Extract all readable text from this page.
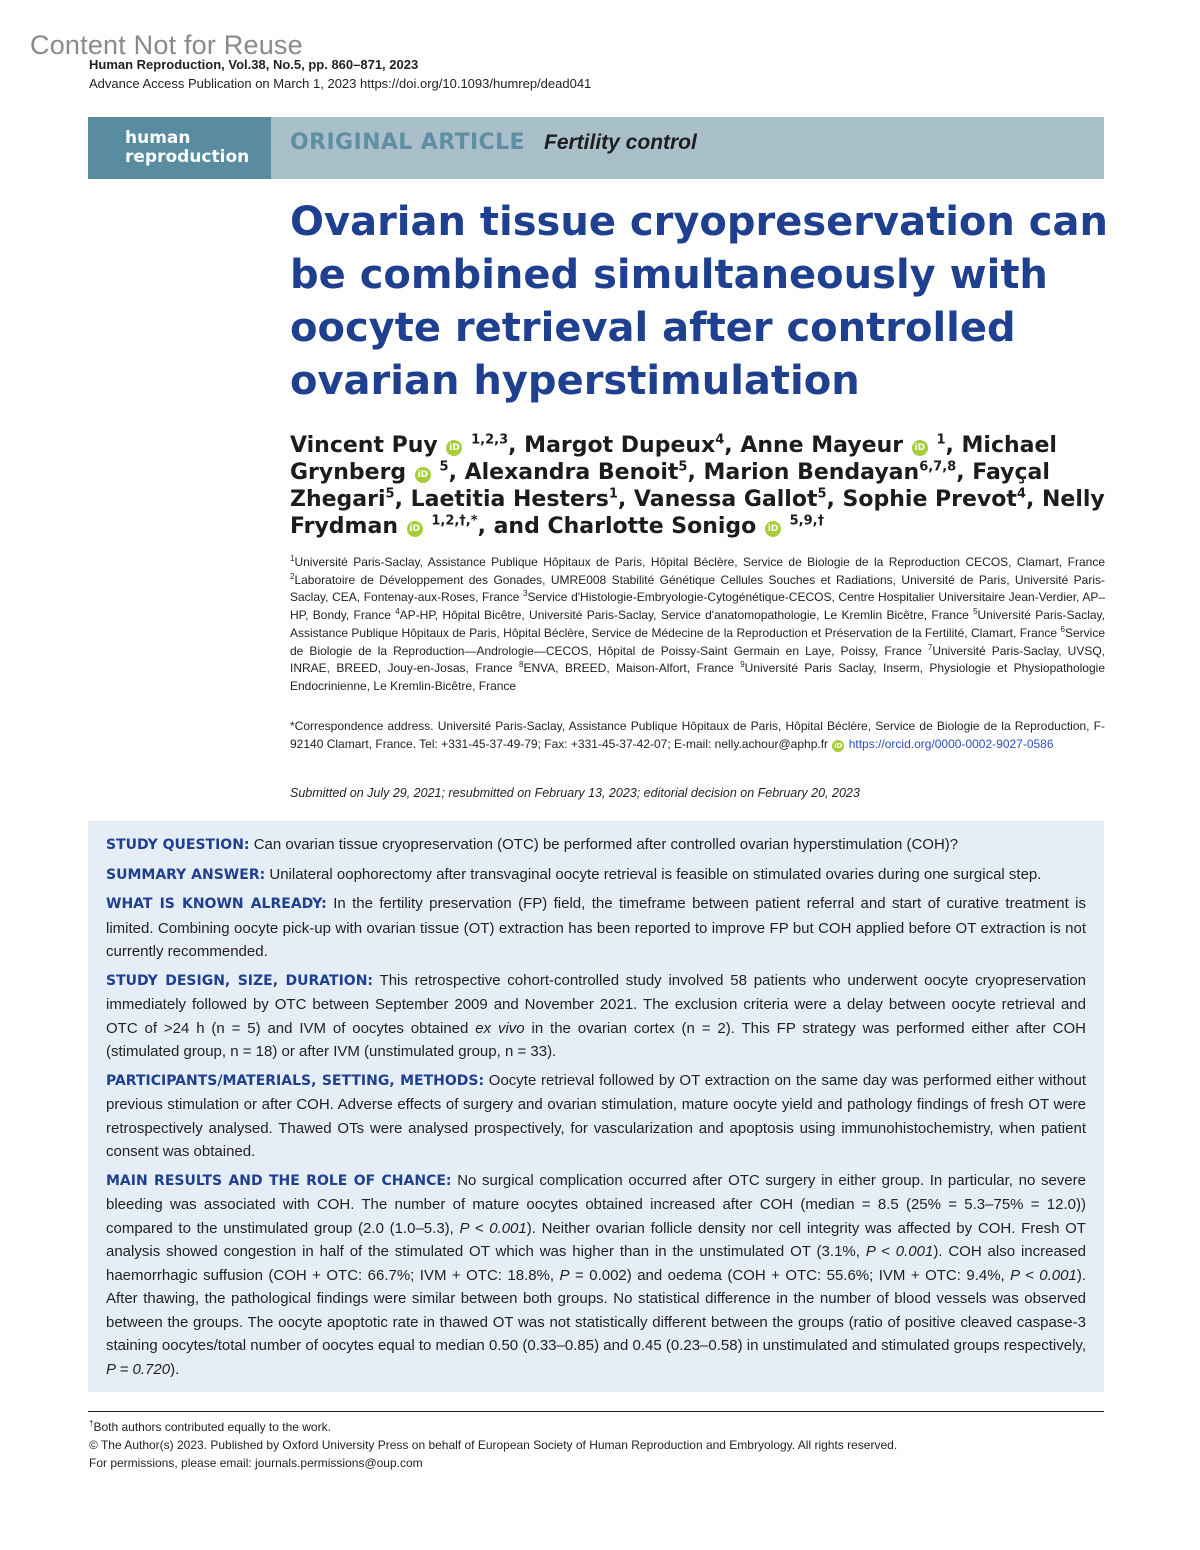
Content Not for Reuse
Human Reproduction, Vol.38, No.5, pp. 860–871, 2023
Advance Access Publication on March 1, 2023 https://doi.org/10.1093/humrep/dead041
human
reproduction
ORIGINAL ARTICLE Fertility control
Ovarian tissue cryopreservation can be combined simultaneously with oocyte retrieval after controlled ovarian hyperstimulation
Vincent Puy iD $^{1,2,3}$, Margot Dupeux$^4$, Anne Mayeur iD $^1$, Michael Grynberg iD $^5$, Alexandra Benoit$^5$, Marion Bendayan$^{6,7,8}$, Fayçal Zhegari$^5$, Laetitia Hesters$^1$, Vanessa Gallot$^5$, Sophie Prevot$^4$, Nelly Frydman iD $^{1,2,\dagger,*}$, and Charlotte Sonigo iD $^{5,9,\dagger}$
$^1$Université Paris-Saclay, Assistance Publique Hôpitaux de Paris, Hôpital Béclère, Service de Biologie de la Reproduction CECOS, Clamart, France $^2$Laboratoire de Développement des Gonades, UMRE008 Stabilité Génétique Cellules Souches et Radiations, Université de Paris, Université Paris-Saclay, CEA, Fontenay-aux-Roses, France $^3$Service d'Histologie-Embryologie-Cytogénétique-CECOS, Centre Hospitalier Universitaire Jean-Verdier, AP–HP, Bondy, France $^4$AP-HP, Hôpital Bicêtre, Université Paris-Saclay, Service d'anatomopathologie, Le Kremlin Bicêtre, France $^5$Université Paris-Saclay, Assistance Publique Hôpitaux de Paris, Hôpital Béclère, Service de Médecine de la Reproduction et Préservation de la Fertilité, Clamart, France $^6$Service de Biologie de la Reproduction—Andrologie—CECOS, Hôpital de Poissy-Saint Germain en Laye, Poissy, France $^7$Université Paris-Saclay, UVSQ, INRAE, BREED, Jouy-en-Josas, France $^8$ENVA, BREED, Maison-Alfort, France $^9$Université Paris Saclay, Inserm, Physiologie et Physiopathologie Endocrinienne, Le Kremlin-Bicêtre, France
*Correspondence address. Université Paris-Saclay, Assistance Publique Hôpitaux de Paris, Hôpital Béclère, Service de Biologie de la Reproduction, F-92140 Clamart, France. Tel: +331-45-37-49-79; Fax: +331-45-37-42-07; E-mail: nelly.achour@aphp.fr iD https://orcid.org/0000-0002-9027-0586
Submitted on July 29, 2021; resubmitted on February 13, 2023; editorial decision on February 20, 2023

STUDY QUESTION: Can ovarian tissue cryopreservation (OTC) be performed after controlled ovarian hyperstimulation (COH)?

SUMMARY ANSWER: Unilateral oophorectomy after transvaginal oocyte retrieval is feasible on stimulated ovaries during one surgical step.

WHAT IS KNOWN ALREADY: In the fertility preservation (FP) field, the timeframe between patient referral and start of curative treatment is limited. Combining oocyte pick-up with ovarian tissue (OT) extraction has been reported to improve FP but COH applied before OT extraction is not currently recommended.

STUDY DESIGN, SIZE, DURATION: This retrospective cohort-controlled study involved 58 patients who underwent oocyte cryopreservation immediately followed by OTC between September 2009 and November 2021. The exclusion criteria were a delay between oocyte retrieval and OTC of >24 h (n = 5) and IVM of oocytes obtained ex vivo in the ovarian cortex (n = 2). This FP strategy was performed either after COH (stimulated group, n = 18) or after IVM (unstimulated group, n = 33).

PARTICIPANTS/MATERIALS, SETTING, METHODS: Oocyte retrieval followed by OT extraction on the same day was performed either without previous stimulation or after COH. Adverse effects of surgery and ovarian stimulation, mature oocyte yield and pathology findings of fresh OT were retrospectively analysed. Thawed OTs were analysed prospectively, for vascularization and apoptosis using immunohistochemistry, when patient consent was obtained.

MAIN RESULTS AND THE ROLE OF CHANCE: No surgical complication occurred after OTC surgery in either group. In particular, no severe bleeding was associated with COH. The number of mature oocytes obtained increased after COH (median = 8.5 (25% = 5.3–75% = 12.0)) compared to the unstimulated group (2.0 (1.0–5.3), P < 0.001). Neither ovarian follicle density nor cell integrity was affected by COH. Fresh OT analysis showed congestion in half of the stimulated OT which was higher than in the unstimulated OT (3.1%, P < 0.001). COH also increased haemorrhagic suffusion (COH + OTC: 66.7%; IVM + OTC: 18.8%, P = 0.002) and oedema (COH + OTC: 55.6%; IVM + OTC: 9.4%, P < 0.001). After thawing, the pathological findings were similar between both groups. No statistical difference in the number of blood vessels was observed between the groups. The oocyte apoptotic rate in thawed OT was not statistically different between the groups (ratio of positive cleaved caspase-3 staining oocytes/total number of oocytes equal to median 0.50 (0.33–0.85) and 0.45 (0.23–0.58) in unstimulated and stimulated groups respectively, P = 0.720).

†Both authors contributed equally to the work.
© The Author(s) 2023. Published by Oxford University Press on behalf of European Society of Human Reproduction and Embryology. All rights reserved.
For permissions, please email: journals.permissions@oup.com
